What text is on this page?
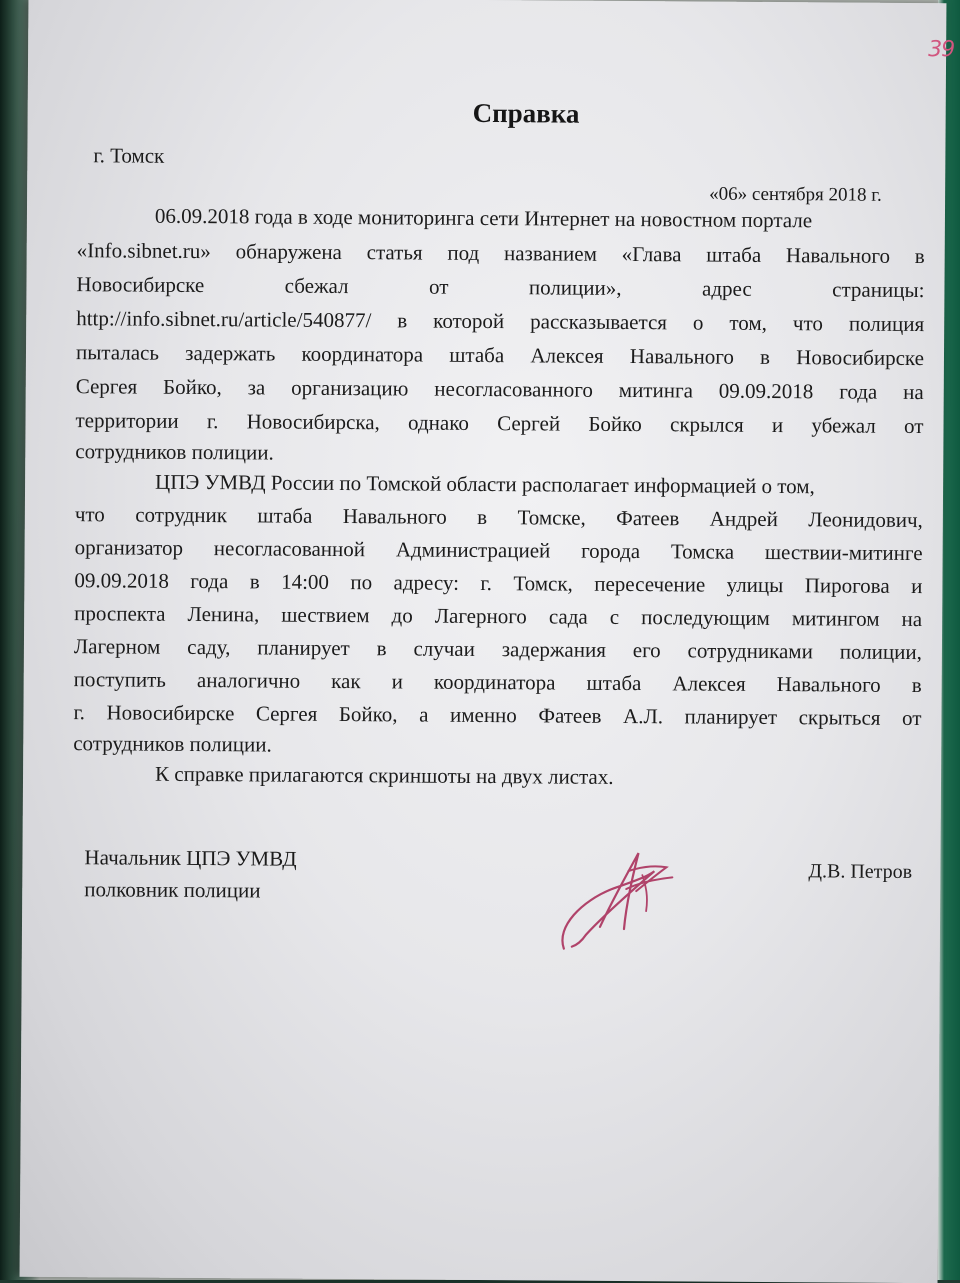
39
Справка
г. Томск
«06» сентября 2018 г.
06.09.2018 года в ходе мониторинга сети Интернет на новостном портале
«Info.sibnet.ru» обнаружена статья под названием «Глава штаба Навального в
Новосибирске сбежал от полиции», адрес страницы:
http://info.sibnet.ru/article/540877/ в которой рассказывается о том, что полиция
пыталась задержать координатора штаба Алексея Навального в Новосибирске
Сергея Бойко, за организацию несогласованного митинга 09.09.2018 года на
территории г. Новосибирска, однако Сергей Бойко скрылся и убежал от
сотрудников полиции.
ЦПЭ УМВД России по Томской области располагает информацией о том,
что сотрудник штаба Навального в Томске, Фатеев Андрей Леонидович,
организатор несогласованной Администрацией города Томска шествии-митинге
09.09.2018 года в 14:00 по адресу: г. Томск, пересечение улицы Пирогова и
проспекта Ленина, шествием до Лагерного сада с последующим митингом на
Лагерном саду, планирует в случаи задержания его сотрудниками полиции,
поступить аналогично как и координатора штаба Алексея Навального в
г. Новосибирске Сергея Бойко, а именно Фатеев А.Л. планирует скрыться от
сотрудников полиции.
К справке прилагаются скриншоты на двух листах.
Начальник ЦПЭ УМВД
полковник полиции
Д.В. Петров
